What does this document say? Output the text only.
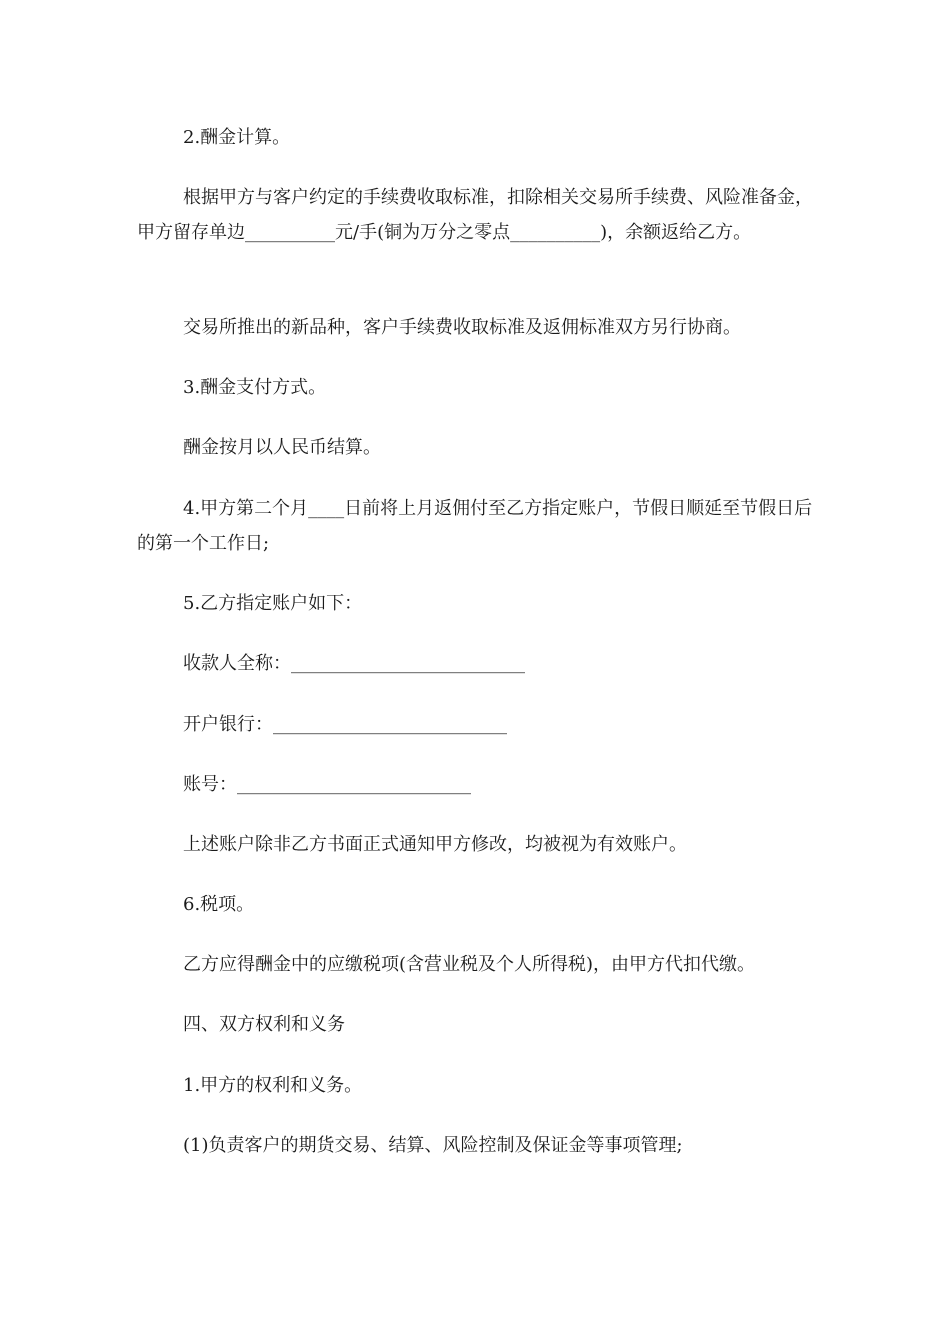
2.酬金计算。

根据甲方与客户约定的手续费收取标准，扣除相关交易所手续费、风险准备金，甲方留存单边__________元/手(铜为万分之零点__________)，余额返给乙方。

交易所推出的新品种，客户手续费收取标准及返佣标准双方另行协商。

3.酬金支付方式。

酬金按月以人民币结算。

4.甲方第二个月____日前将上月返佣付至乙方指定账户，节假日顺延至节假日后的第一个工作日;

5.乙方指定账户如下：

收款人全称：__________________________

开户银行：__________________________

账号：__________________________

上述账户除非乙方书面正式通知甲方修改，均被视为有效账户。

6.税项。

乙方应得酬金中的应缴税项(含营业税及个人所得税)，由甲方代扣代缴。

四、双方权利和义务

1.甲方的权利和义务。

(1)负责客户的期货交易、结算、风险控制及保证金等事项管理;
